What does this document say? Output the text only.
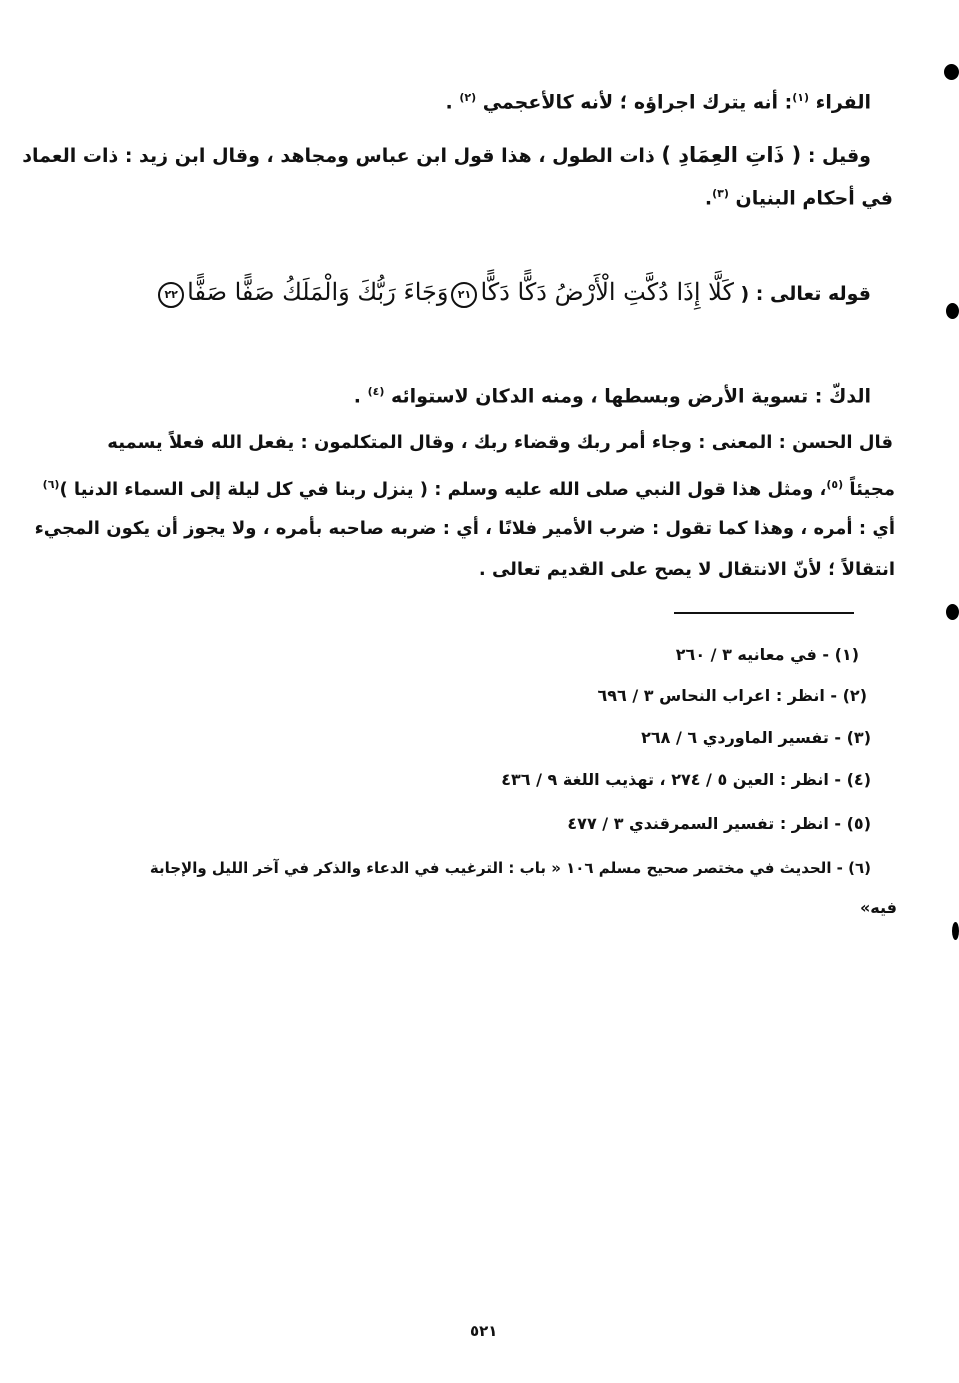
الفراء $^{(١)}$: أنه يترك اجراؤه ؛ لأنه كالأعجمي $^{(٢)}$ .
وقيل : ( ذَاتِ العِمَادِ ) ذات الطول ، هذا قول ابن عباس ومجاهد ، وقال ابن زيد : ذات العماد
في أحكام البنيان $^{(٣)}$.
قوله تعالى : ( كَلَّا إِذَا دُكَّتِ الْأَرْضُ دَكًّا دَكًّا٢١وَجَاءَ رَبُّكَ وَالْمَلَكُ صَفًّا صَفًّا٢٢
الدكّ : تسوية الأرض وبسطها ، ومنه الدكان لاستوائه $^{(٤)}$ .
قال الحسن : المعنى : وجاء أمر ربك وقضاء ربك ، وقال المتكلمون : يفعل الله فعلاً يسميه
مجيئاً $^{(٥)}$، ومثل هذا قول النبي صلى الله عليه وسلم : ( ينزل ربنا في كل ليلة إلى السماء الدنيا )$^{(٦)}$
أي : أمره ، وهذا كما تقول : ضرب الأمير فلانًا ، أي : ضربه صاحبه بأمره ، ولا يجوز أن يكون المجيء
انتقالاً ؛ لأنّ الانتقال لا يصح على القديم تعالى .
(١) - في معانيه ٣ / ٢٦٠
(٢) - انظر : اعراب النحاس ٣ / ٦٩٦
(٣) - تفسير الماوردي ٦ / ٢٦٨
(٤) - انظر : العين ٥ / ٢٧٤ ، تهذيب اللغة ٩ / ٤٣٦
(٥) - انظر : تفسير السمرقندي ٣ / ٤٧٧
(٦) - الحديث في مختصر صحيح مسلم ١٠٦ « باب : الترغيب في الدعاء والذكر في آخر الليل والإجابة
فيه»
٥٢١
